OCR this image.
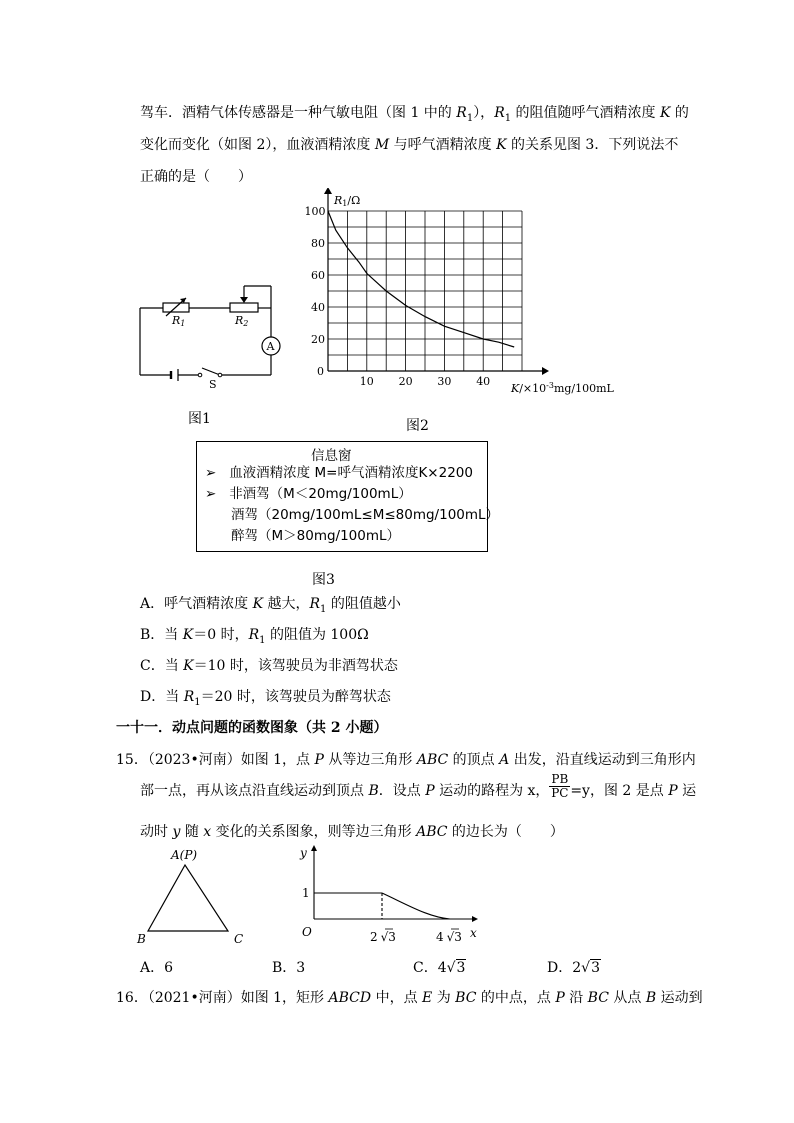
驾车．酒精气体传感器是一种气敏电阻（图 1 中的 $R_1$），$R_1$ 的阻值随呼气酒精浓度 K 的
变化而变化（如图 2），血液酒精浓度 M 与呼气酒精浓度 K 的关系见图 3．下列说法不
正确的是（　　）
R1	R2
A
S
图1
10 20 30 40
20
40
60
80
100
R1/Ω
0
$K/\times 10^{-3}mg/100mL$
图2
信息窗
➢ 血液酒精浓度 M=呼气酒精浓度K×2200
➢ 非酒驾（M＜20mg/100mL）
酒驾（20mg/100mL≤M≤80mg/100mL）
醉驾（M＞80mg/100mL）
图3
A．呼气酒精浓度 K 越大，$R_1$ 的阻值越小
B．当 K＝0 时，$R_1$ 的阻值为 100Ω
C．当 K＝10 时，该驾驶员为非酒驾状态
D．当 $R_1=20$ 时，该驾驶员为醉驾状态
一十一．动点问题的函数图象（共 2 小题）
15．（2023•河南）如图 1，点 P 从等边三角形 ABC 的顶点 A 出发，沿直线运动到三角形内
部一点，再从该点沿直线运动到顶点 B．设点 P 运动的路程为 x， $\frac{PB}{PC} =y$，图 2 是点 P 运
动时 y 随 x 变化的关系图象，则等边三角形 ABC 的边长为（　　）
A(P)
B	C
y
x
O
1
2 √3	4 √3
A．6	B．3	C．4√3	D．2√3
16．（2021•河南）如图 1，矩形 ABCD 中，点 E 为 BC 的中点，点 P 沿 BC 从点 B 运动到
